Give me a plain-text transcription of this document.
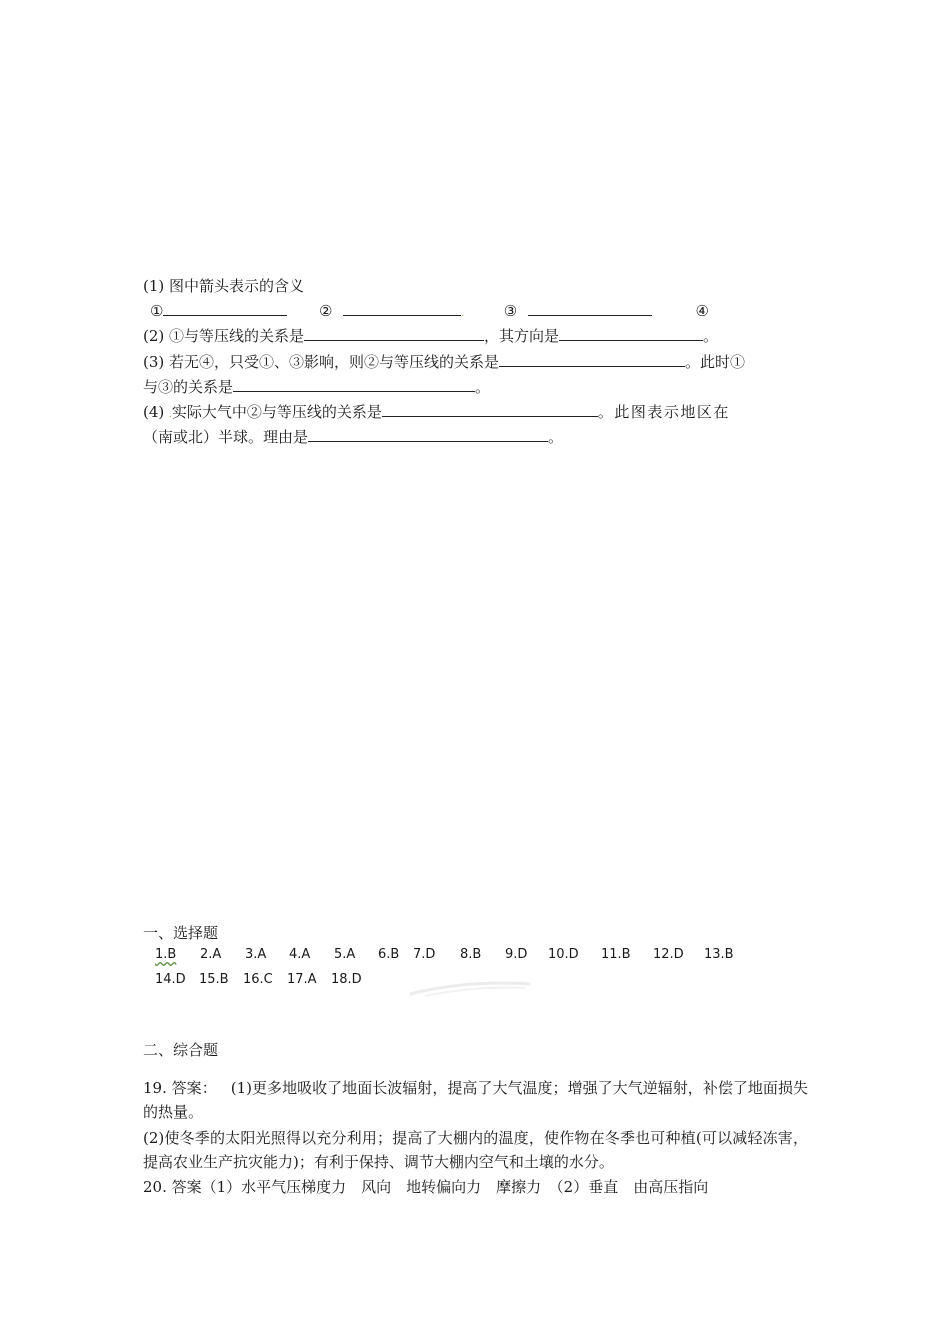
(1) 图中箭头表示的含义
①	②	.	③	④
(2) ①与等压线的关系是	，其方向是	。
(3) 若无④，只受①、③影响，则②与等压线的关系是	。此时①
与③的关系是	。
(4) .实际大气中②与等压线的关系是	。此图表示地区在
（南或北）半球。理由是	。
一、选择题
1.B 2.A 3.A 4.A 5.A 6.B 7.D 8.B 9.D 10.D 11.B 12.D 13.B
14.D 15.B 16.C 17.A 18.D
二、综合题
19. 答案： (1)更多地吸收了地面长波辐射，提高了大气温度；增强了大气逆辐射，补偿了地面损失的热量。
(2)使冬季的太阳光照得以充分利用；提高了大棚内的温度，使作物在冬季也可种植(可以减轻冻害，提高农业生产抗灾能力)；有利于保持、调节大棚内空气和土壤的水分。
20. 答案（1）水平气压梯度力　风向　地转偏向力　摩擦力　（2）垂直　由高压指向
